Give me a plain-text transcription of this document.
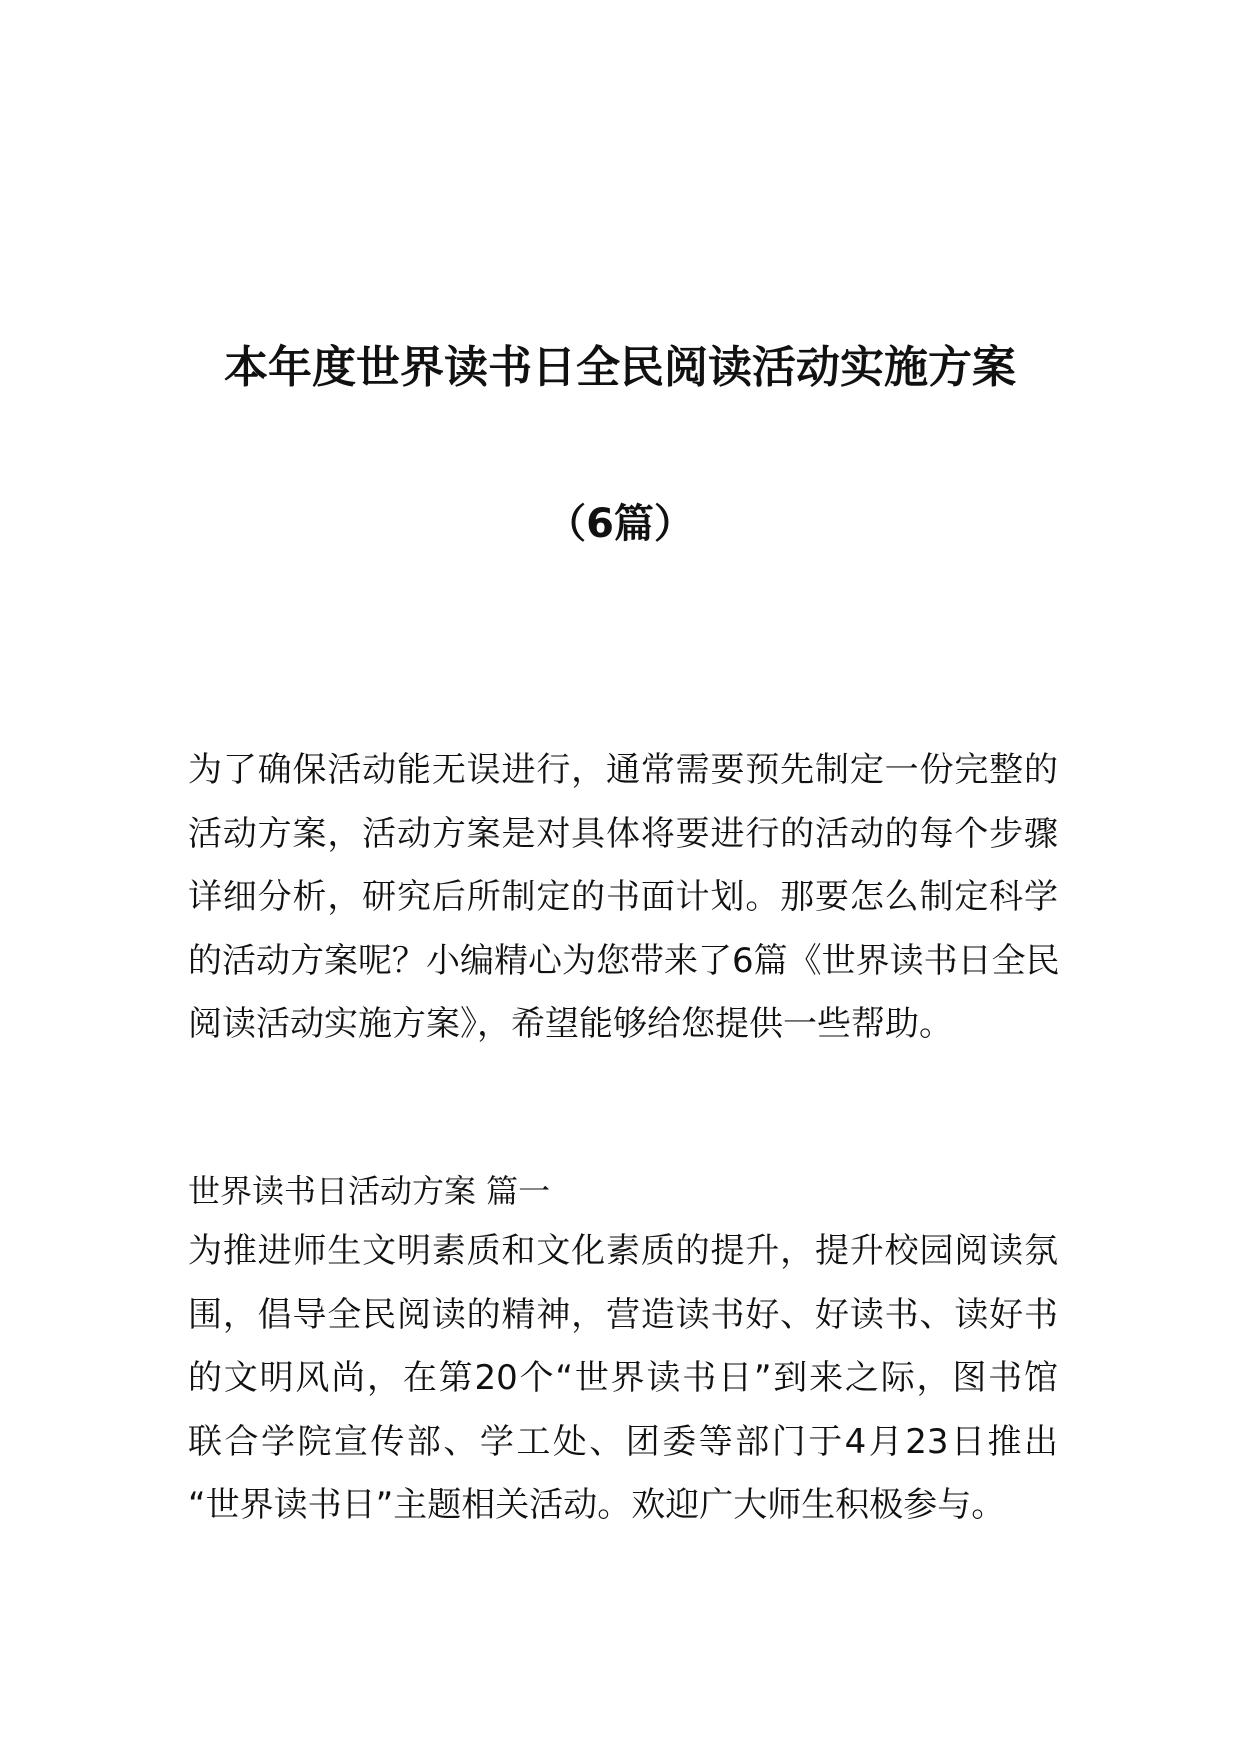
本年度世界读书日全民阅读活动实施方案
（6篇）
为了确保活动能无误进行，通常需要预先制定一份完整的
活动方案，活动方案是对具体将要进行的活动的每个步骤
详细分析，研究后所制定的书面计划。那要怎么制定科学
的活动方案呢？小编精心为您带来了6篇《世界读书日全民
阅读活动实施方案》，希望能够给您提供一些帮助。
世界读书日活动方案 篇一
为推进师生文明素质和文化素质的提升，提升校园阅读氛
围，倡导全民阅读的精神，营造读书好、好读书、读好书
的文明风尚，在第20个“世界读书日”到来之际，图书馆
联合学院宣传部、学工处、团委等部门于4月23日推出
“世界读书日”主题相关活动。欢迎广大师生积极参与。
